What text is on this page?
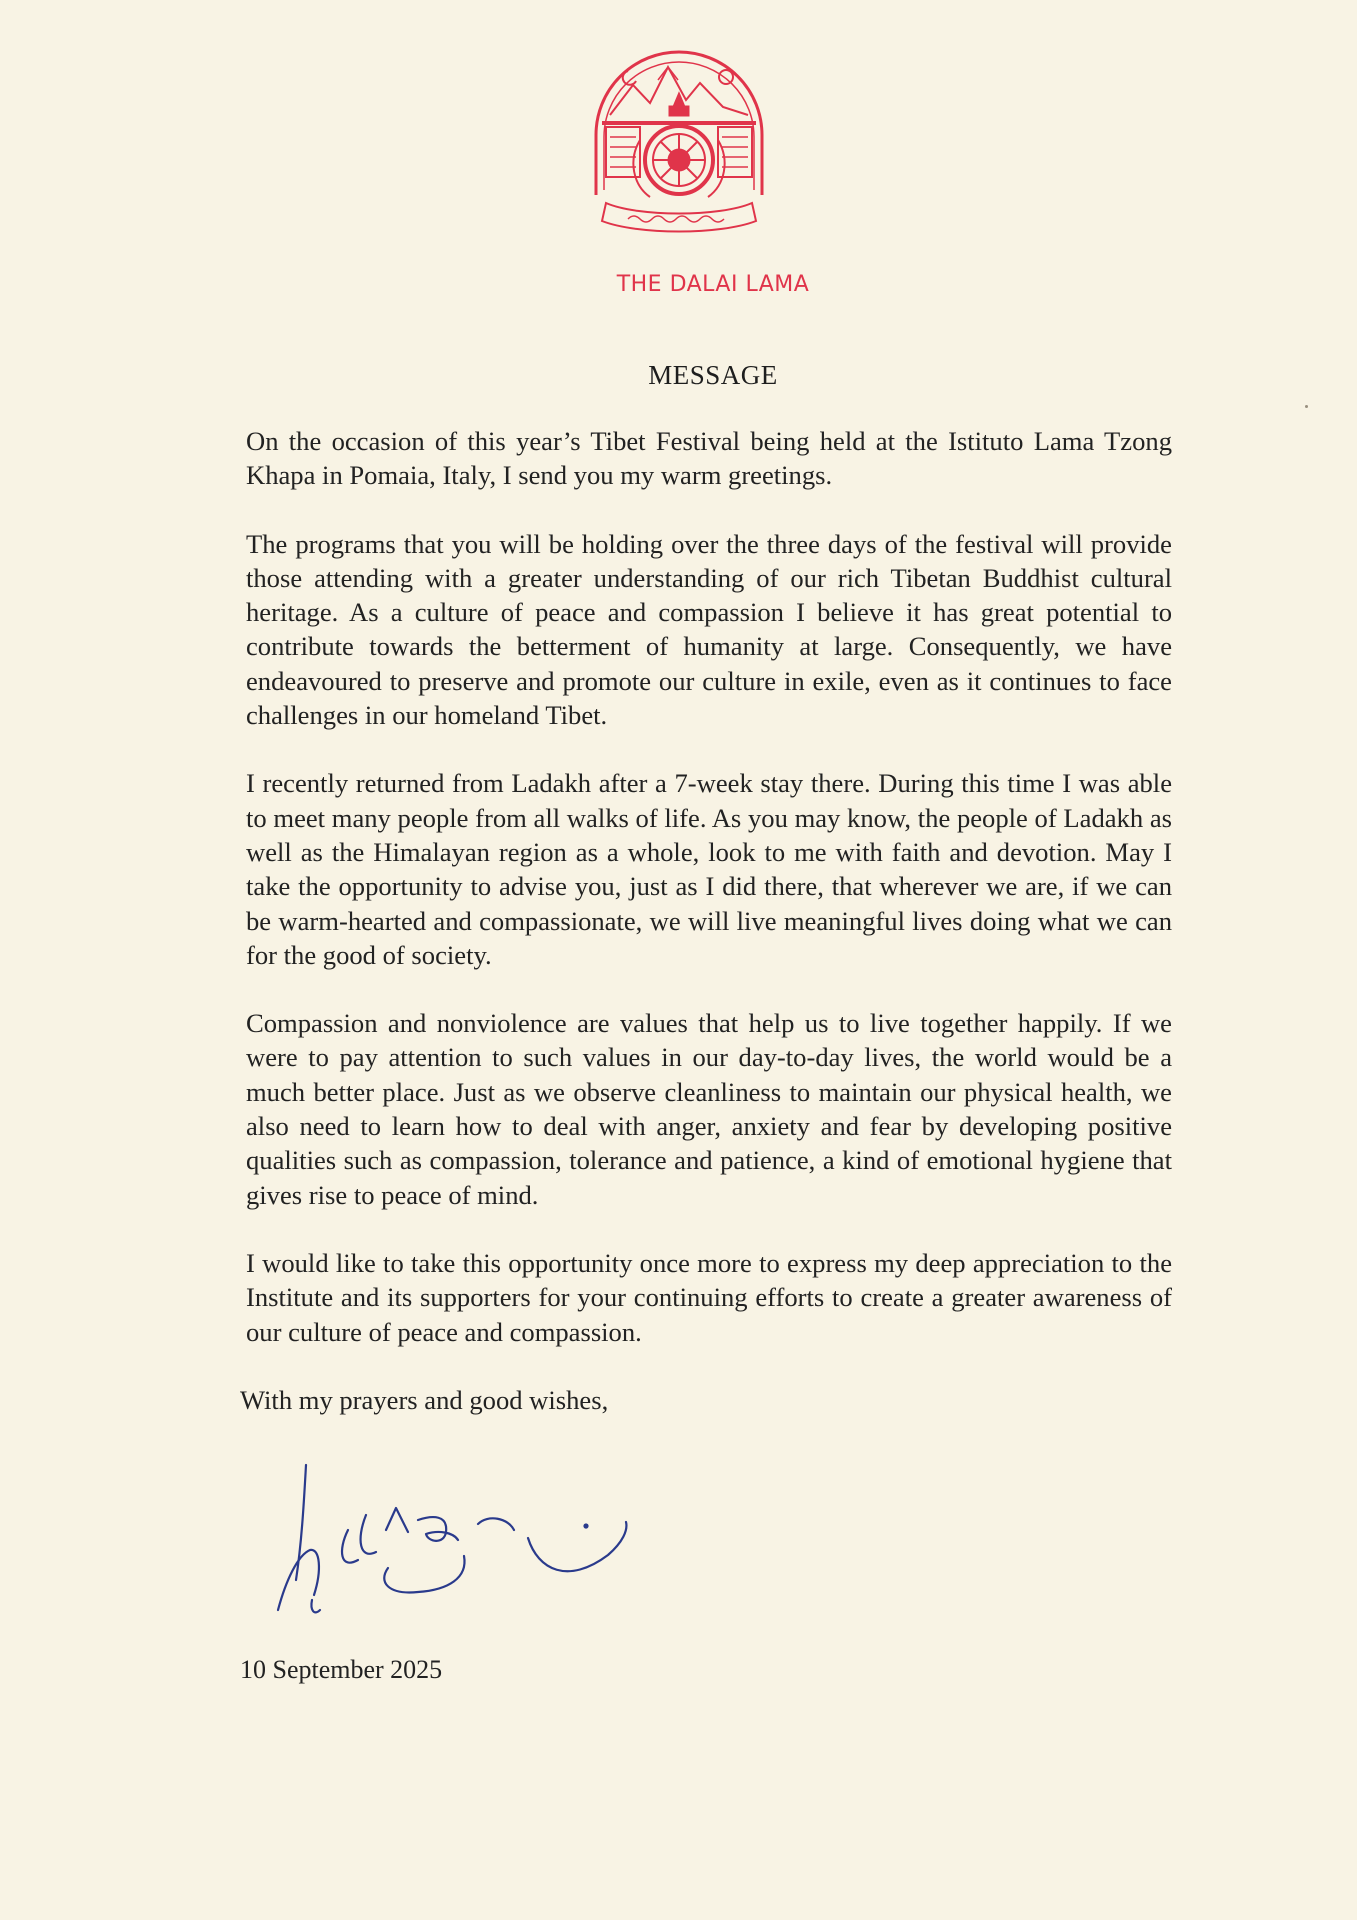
THE DALAI LAMA
MESSAGE

On the occasion of this year’s Tibet Festival being held at the Istituto Lama Tzong Khapa in Pomaia, Italy, I send you my warm greetings.

The programs that you will be holding over the three days of the festival will provide those attending with a greater understanding of our rich Tibetan Buddhist cultural heritage. As a culture of peace and compassion I believe it has great potential to contribute towards the betterment of humanity at large. Consequently, we have endeavoured to preserve and promote our culture in exile, even as it continues to face challenges in our homeland Tibet.

I recently returned from Ladakh after a 7-week stay there. During this time I was able to meet many people from all walks of life. As you may know, the people of Ladakh as well as the Himalayan region as a whole, look to me with faith and devotion. May I take the opportunity to advise you, just as I did there, that wherever we are, if we can be warm-hearted and compassionate, we will live meaningful lives doing what we can for the good of society.

Compassion and nonviolence are values that help us to live together happily. If we were to pay attention to such values in our day-to-day lives, the world would be a much better place. Just as we observe cleanliness to maintain our physical health, we also need to learn how to deal with anger, anxiety and fear by developing positive qualities such as compassion, tolerance and patience, a kind of emotional hygiene that gives rise to peace of mind.

I would like to take this opportunity once more to express my deep appreciation to the Institute and its supporters for your continuing efforts to create a greater awareness of our culture of peace and compassion.

With my prayers and good wishes,
10 September 2025
